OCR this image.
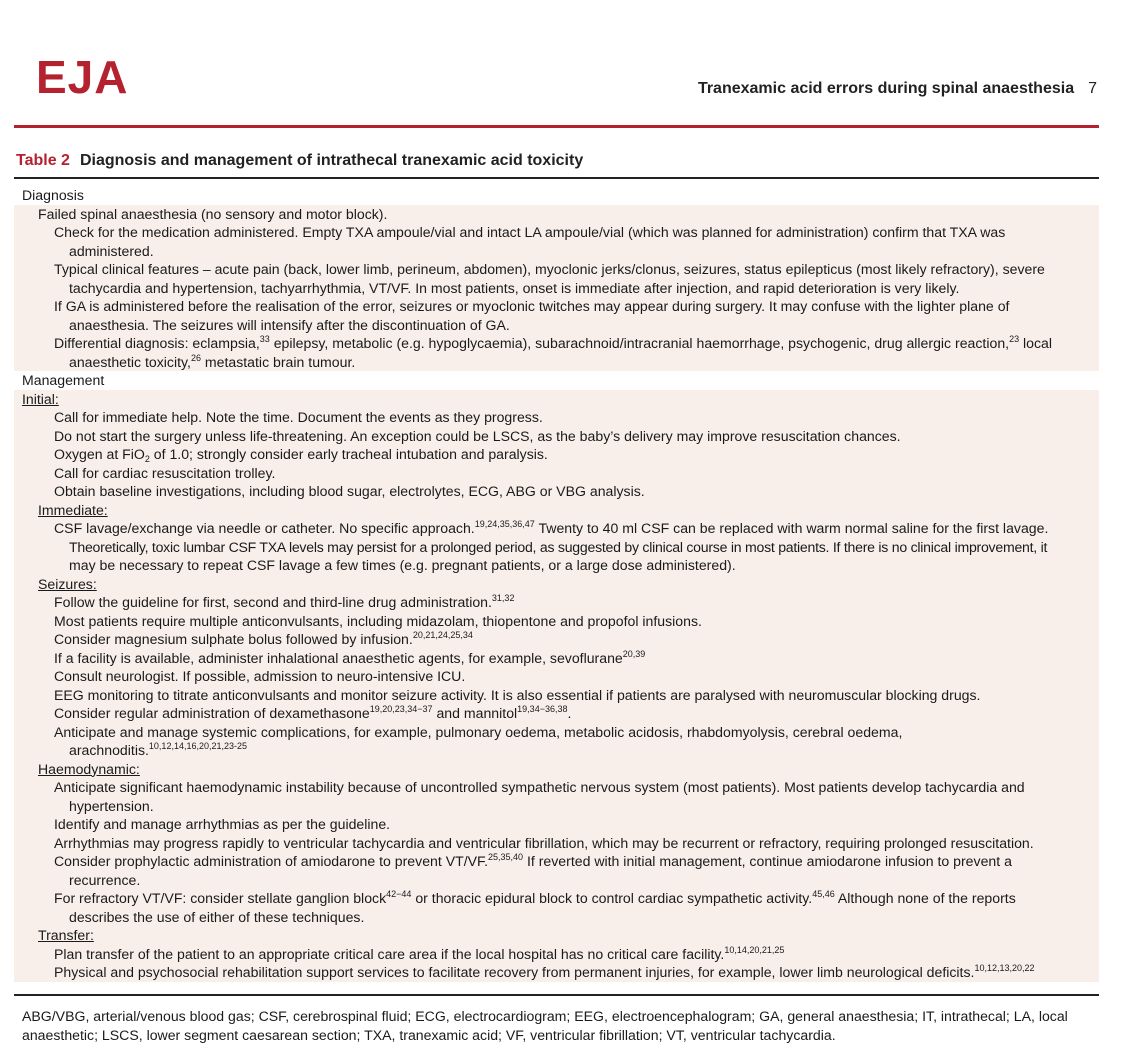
EJA	Tranexamic acid errors during spinal anaesthesia 7
Table 2 Diagnosis and management of intrathecal tranexamic acid toxicity
Diagnosis
Failed spinal anaesthesia (no sensory and motor block).
Check for the medication administered. Empty TXA ampoule/vial and intact LA ampoule/vial (which was planned for administration) confirm that TXA was
administered.
Typical clinical features – acute pain (back, lower limb, perineum, abdomen), myoclonic jerks/clonus, seizures, status epilepticus (most likely refractory), severe
tachycardia and hypertension, tachyarrhythmia, VT/VF. In most patients, onset is immediate after injection, and rapid deterioration is very likely.
If GA is administered before the realisation of the error, seizures or myoclonic twitches may appear during surgery. It may confuse with the lighter plane of
anaesthesia. The seizures will intensify after the discontinuation of GA.
Differential diagnosis: eclampsia,$^{33}$ epilepsy, metabolic (e.g. hypoglycaemia), subarachnoid/intracranial haemorrhage, psychogenic, drug allergic reaction,$^{23}$ local
anaesthetic toxicity,$^{26}$ metastatic brain tumour.
Management
Initial:
Call for immediate help. Note the time. Document the events as they progress.
Do not start the surgery unless life-threatening. An exception could be LSCS, as the baby’s delivery may improve resuscitation chances.
Oxygen at FiO$_2$ of 1.0; strongly consider early tracheal intubation and paralysis.
Call for cardiac resuscitation trolley.
Obtain baseline investigations, including blood sugar, electrolytes, ECG, ABG or VBG analysis.
Immediate:
CSF lavage/exchange via needle or catheter. No specific approach.$^{19,24,35,36,47}$ Twenty to 40 ml CSF can be replaced with warm normal saline for the first lavage.
Theoretically, toxic lumbar CSF TXA levels may persist for a prolonged period, as suggested by clinical course in most patients. If there is no clinical improvement, it
may be necessary to repeat CSF lavage a few times (e.g. pregnant patients, or a large dose administered).
Seizures:
Follow the guideline for first, second and third-line drug administration.$^{31,32}$
Most patients require multiple anticonvulsants, including midazolam, thiopentone and propofol infusions.
Consider magnesium sulphate bolus followed by infusion.$^{20,21,24,25,34}$
If a facility is available, administer inhalational anaesthetic agents, for example, sevoflurane$^{20,39}$
Consult neurologist. If possible, admission to neuro-intensive ICU.
EEG monitoring to titrate anticonvulsants and monitor seizure activity. It is also essential if patients are paralysed with neuromuscular blocking drugs.
Consider regular administration of dexamethasone$^{19,20,23,34-37}$ and mannitol$^{19,34-36,38}$.
Anticipate and manage systemic complications, for example, pulmonary oedema, metabolic acidosis, rhabdomyolysis, cerebral oedema,
arachnoditis.$^{10,12,14,16,20,21,23-25}$
Haemodynamic:
Anticipate significant haemodynamic instability because of uncontrolled sympathetic nervous system (most patients). Most patients develop tachycardia and
hypertension.
Identify and manage arrhythmias as per the guideline.
Arrhythmias may progress rapidly to ventricular tachycardia and ventricular fibrillation, which may be recurrent or refractory, requiring prolonged resuscitation.
Consider prophylactic administration of amiodarone to prevent VT/VF.$^{25,35,40}$ If reverted with initial management, continue amiodarone infusion to prevent a
recurrence.
For refractory VT/VF: consider stellate ganglion block$^{42-44}$ or thoracic epidural block to control cardiac sympathetic activity.$^{45,46}$ Although none of the reports
describes the use of either of these techniques.
Transfer:
Plan transfer of the patient to an appropriate critical care area if the local hospital has no critical care facility.$^{10,14,20,21,25}$
Physical and psychosocial rehabilitation support services to facilitate recovery from permanent injuries, for example, lower limb neurological deficits.$^{10,12,13,20,22}$
ABG/VBG, arterial/venous blood gas; CSF, cerebrospinal fluid; ECG, electrocardiogram; EEG, electroencephalogram; GA, general anaesthesia; IT, intrathecal; LA, local
anaesthetic; LSCS, lower segment caesarean section; TXA, tranexamic acid; VF, ventricular fibrillation; VT, ventricular tachycardia.
